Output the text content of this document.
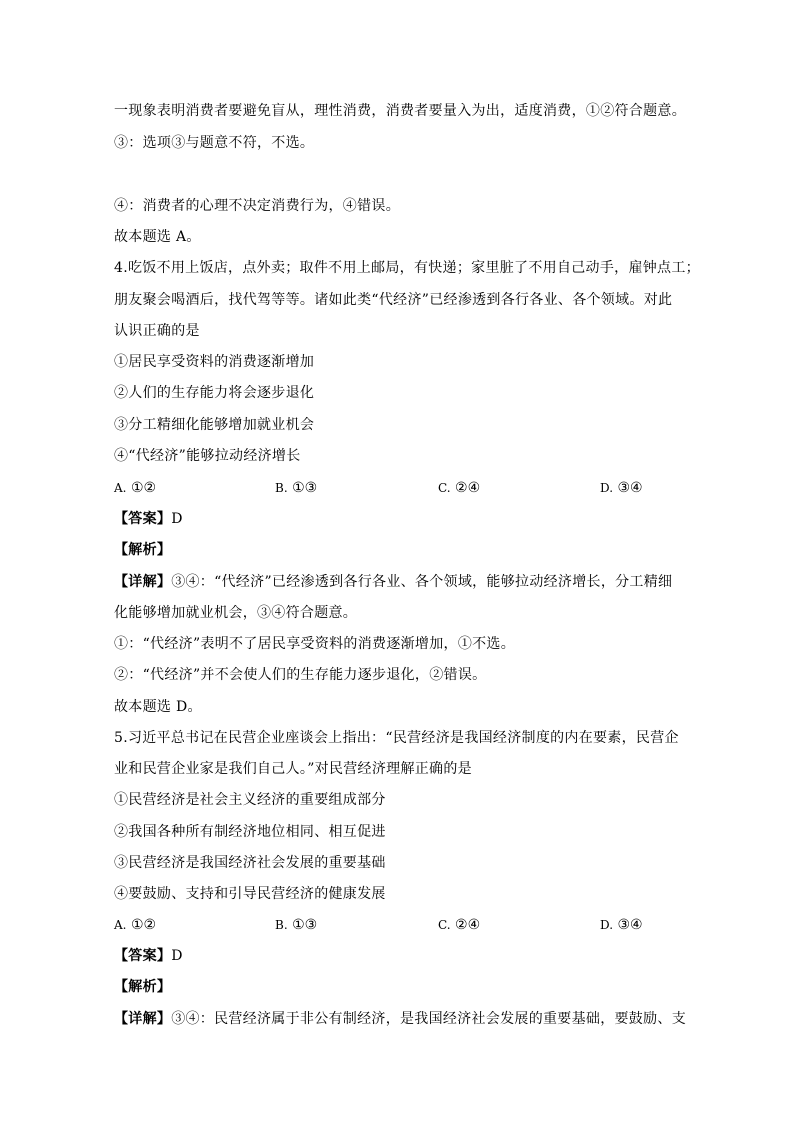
一现象表明消费者要避免盲从，理性消费，消费者要量入为出，适度消费，①②符合题意。
③：选项③与题意不符，不选。
④：消费者的心理不决定消费行为，④错误。
故本题选 A。
4.吃饭不用上饭店，点外卖；取件不用上邮局，有快递；家里脏了不用自己动手，雇钟点工；
朋友聚会喝酒后，找代驾等等。诸如此类“代经济”已经渗透到各行各业、各个领域。对此
认识正确的是
①居民享受资料的消费逐渐增加
②人们的生存能力将会逐步退化
③分工精细化能够增加就业机会
④“代经济”能够拉动经济增长
A. ①②	B. ①③	C. ②④	D. ③④
【答案】D
【解析】
【详解】③④：“代经济”已经渗透到各行各业、各个领域，能够拉动经济增长，分工精细
化能够增加就业机会，③④符合题意。
①：“代经济”表明不了居民享受资料的消费逐渐增加，①不选。
②：“代经济”并不会使人们的生存能力逐步退化，②错误。
故本题选 D。
5.习近平总书记在民营企业座谈会上指出：“民营经济是我国经济制度的内在要素，民营企
业和民营企业家是我们自己人。”对民营经济理解正确的是
①民营经济是社会主义经济的重要组成部分
②我国各种所有制经济地位相同、相互促进
③民营经济是我国经济社会发展的重要基础
④要鼓励、支持和引导民营经济的健康发展
A. ①②	B. ①③	C. ②④	D. ③④
【答案】D
【解析】
【详解】③④：民营经济属于非公有制经济，是我国经济社会发展的重要基础，要鼓励、支
